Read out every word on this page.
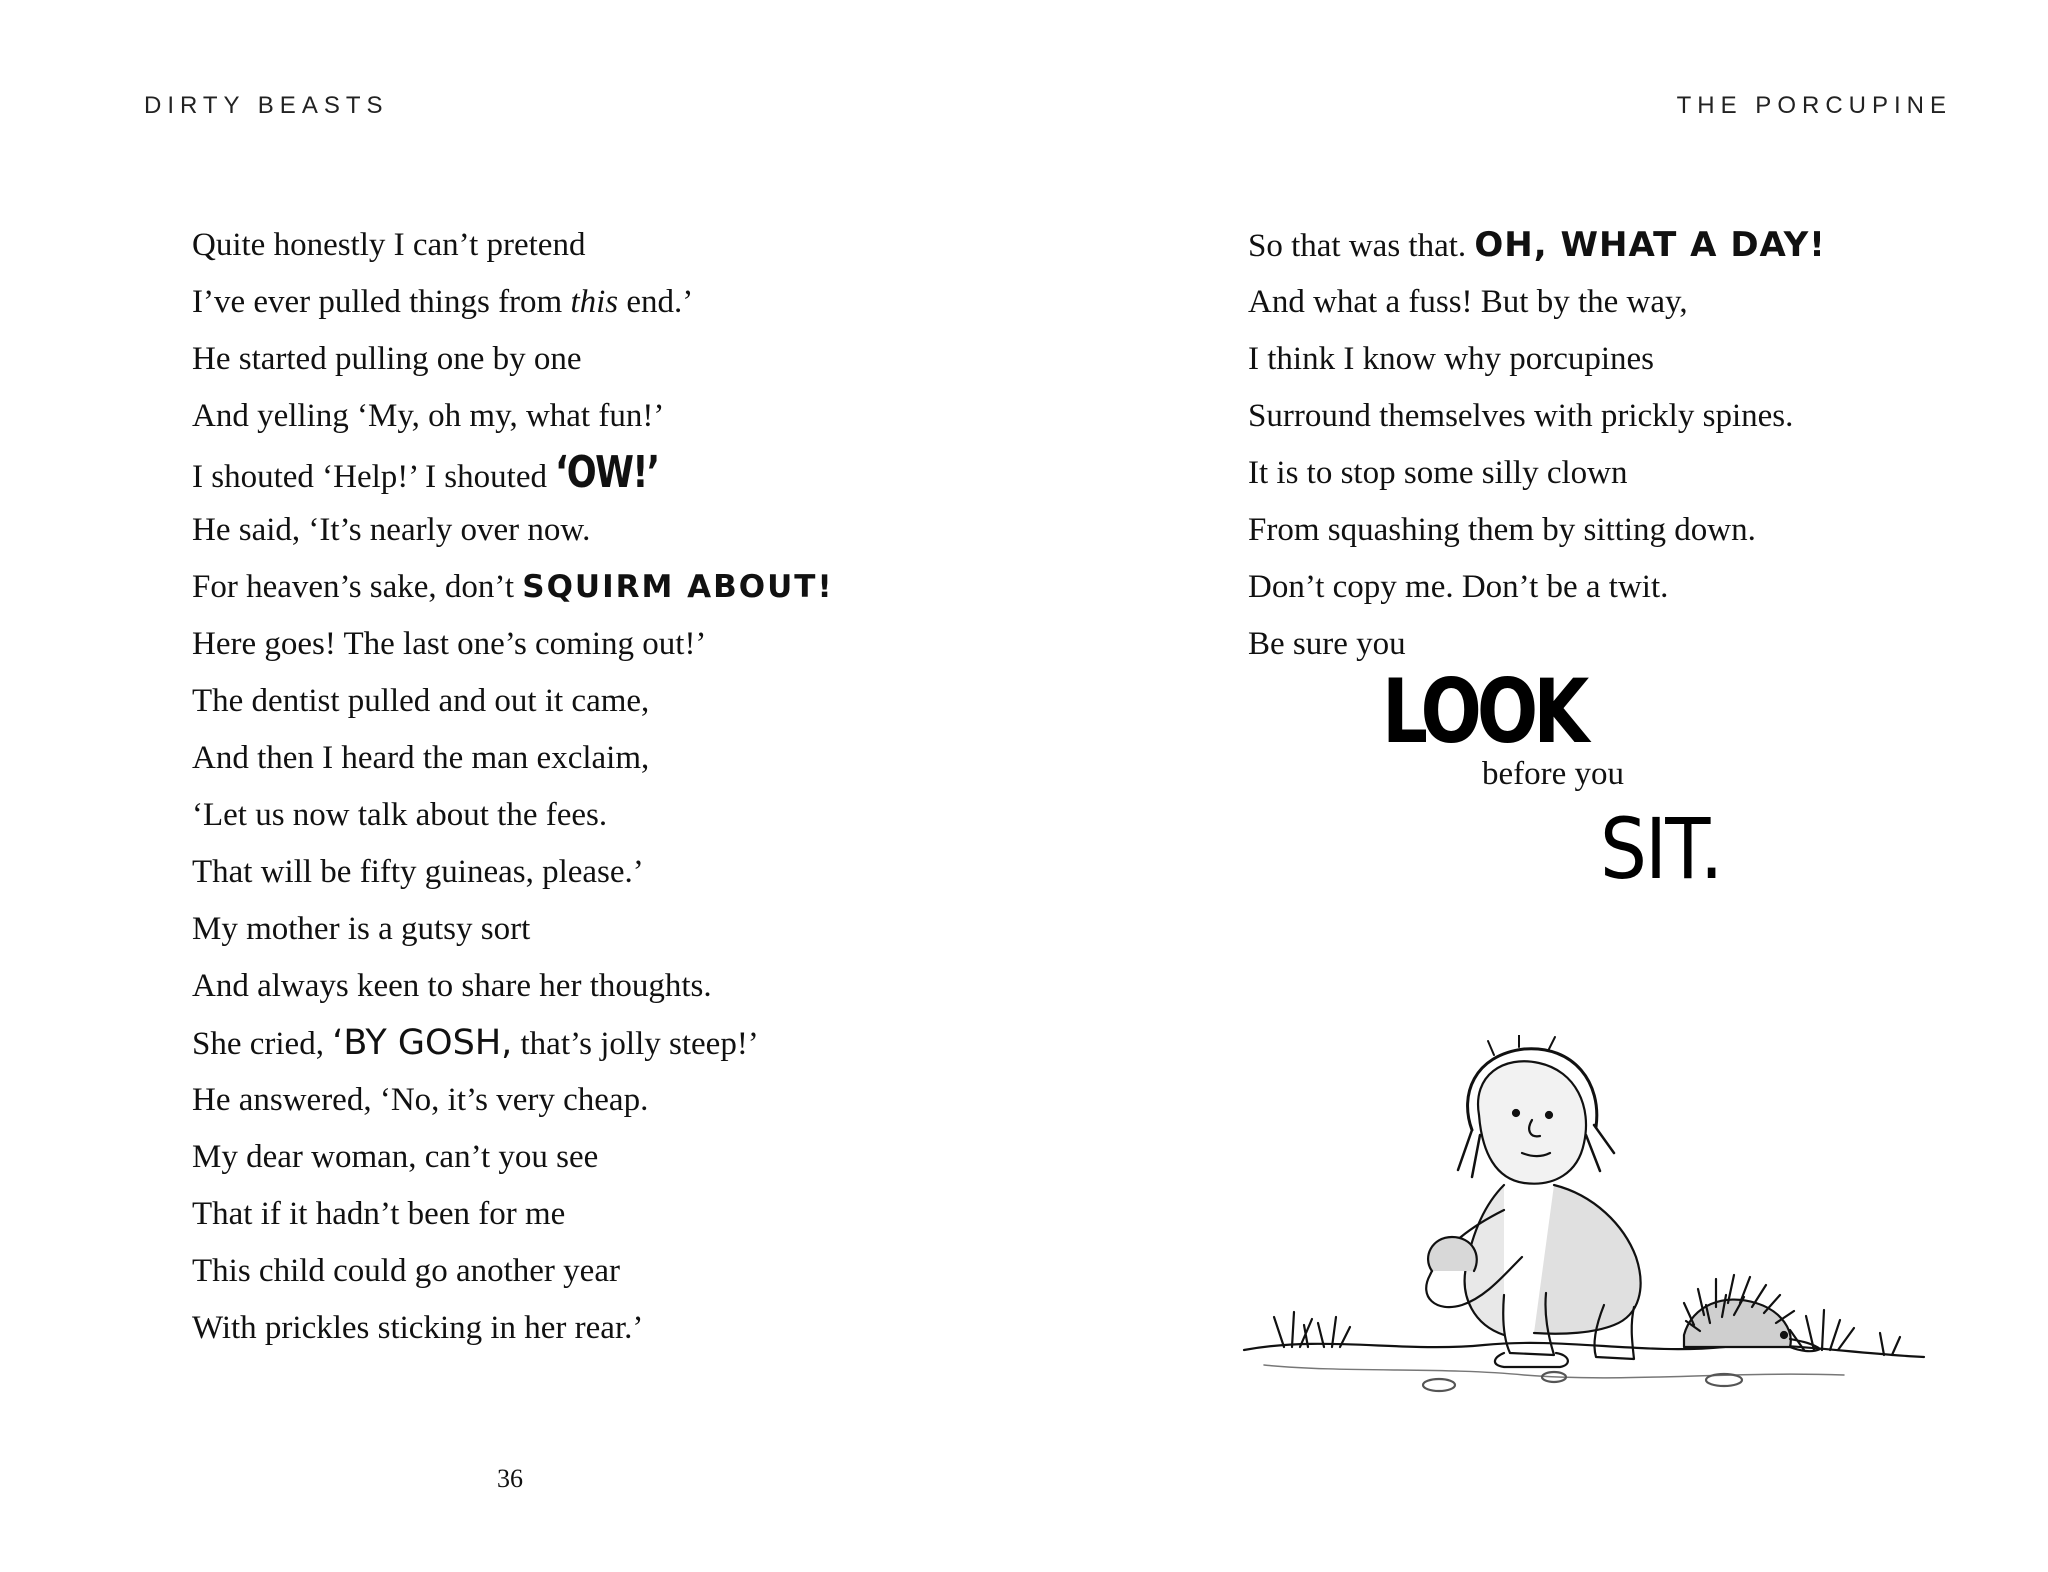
DIRTY BEASTS
Quite honestly I can’t pretend
I’ve ever pulled things from this end.’
He started pulling one by one
And yelling ‘My, oh my, what fun!’
I shouted ‘Help!’ I shouted ‘OW!’
He said, ‘It’s nearly over now.
For heaven’s sake, don’t SQUIRM ABOUT!
Here goes! The last one’s coming out!’
The dentist pulled and out it came,
And then I heard the man exclaim,
‘Let us now talk about the fees.
That will be fifty guineas, please.’
My mother is a gutsy sort
And always keen to share her thoughts.
She cried, ‘BY GOSH, that’s jolly steep!’
He answered, ‘No, it’s very cheap.
My dear woman, can’t you see
That if it hadn’t been for me
This child could go another year
With prickles sticking in her rear.’
36
THE PORCUPINE
So that was that. OH, WHAT A DAY!
And what a fuss! But by the way,
I think I know why porcupines
Surround themselves with prickly spines.
It is to stop some silly clown
From squashing them by sitting down.
Don’t copy me. Don’t be a twit.
Be sure you
LOOK
before you
SIT.
